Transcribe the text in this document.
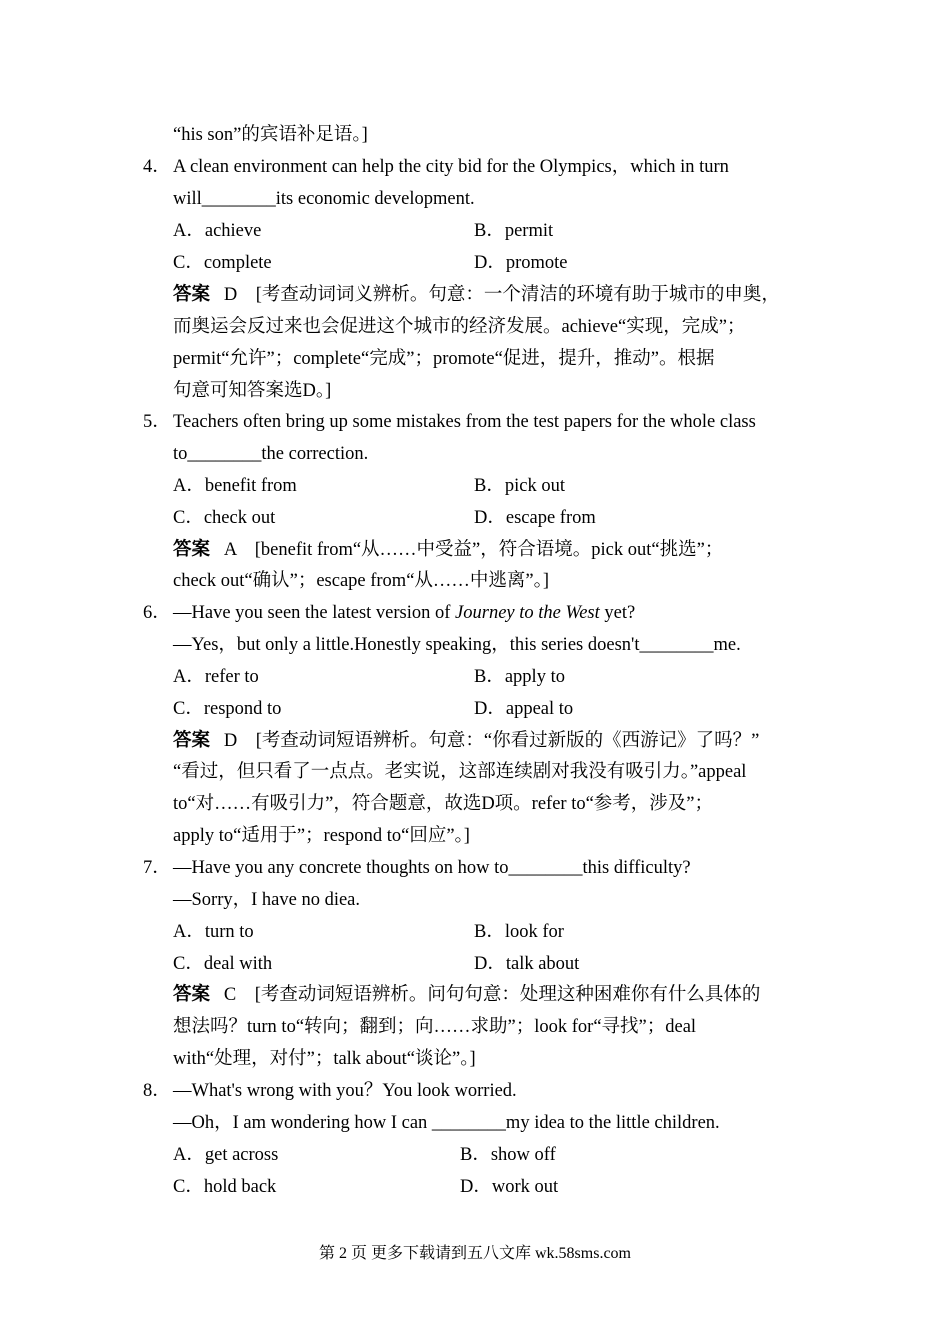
“his son”的宾语补足语。]
4． A clean environment can help the city bid for the Olympics，which in turn
will________its economic development.
A．achieve	B．permit
C．complete	D．promote
答案 D　[考查动词词义辨析。句意：一个清洁的环境有助于城市的申奥，
而奥运会反过来也会促进这个城市的经济发展。achieve“实现，完成”；
permit“允许”；complete“完成”；promote“促进，提升，推动”。根据
句意可知答案选D。]
5． Teachers often bring up some mistakes from the test papers for the whole class
to________the correction.
A．benefit from	B．pick out
C．check out	D．escape from
答案 A　[benefit from“从……中受益”，符合语境。pick out“挑选”；
check out“确认”；escape from“从……中逃离”。]
6． —Have you seen the latest version of Journey to the West yet?
—Yes，but only a little.Honestly speaking，this series doesn't________me.
A．refer to	B．apply to
C．respond to	D．appeal to
答案 D　[考查动词短语辨析。句意：“你看过新版的《西游记》了吗？”
“看过，但只看了一点点。老实说，这部连续剧对我没有吸引力。”appeal
to“对……有吸引力”，符合题意，故选D项。refer to“参考，涉及”；
apply to“适用于”；respond to“回应”。]
7． —Have you any concrete thoughts on how to________this difficulty?
—Sorry，I have no diea.
A．turn to	B．look for
C．deal with	D．talk about
答案 C　[考查动词短语辨析。问句句意：处理这种困难你有什么具体的
想法吗？turn to“转向；翻到；向……求助”；look for“寻找”；deal
with“处理，对付”；talk about“谈论”。]
8． —What's wrong with you？You look worried.
—Oh，I am wondering how I can ________my idea to the little children.
A．get across	B．show off
C．hold back	D．work out
第 2 页 更多下载请到五八文库 wk.58sms.com
